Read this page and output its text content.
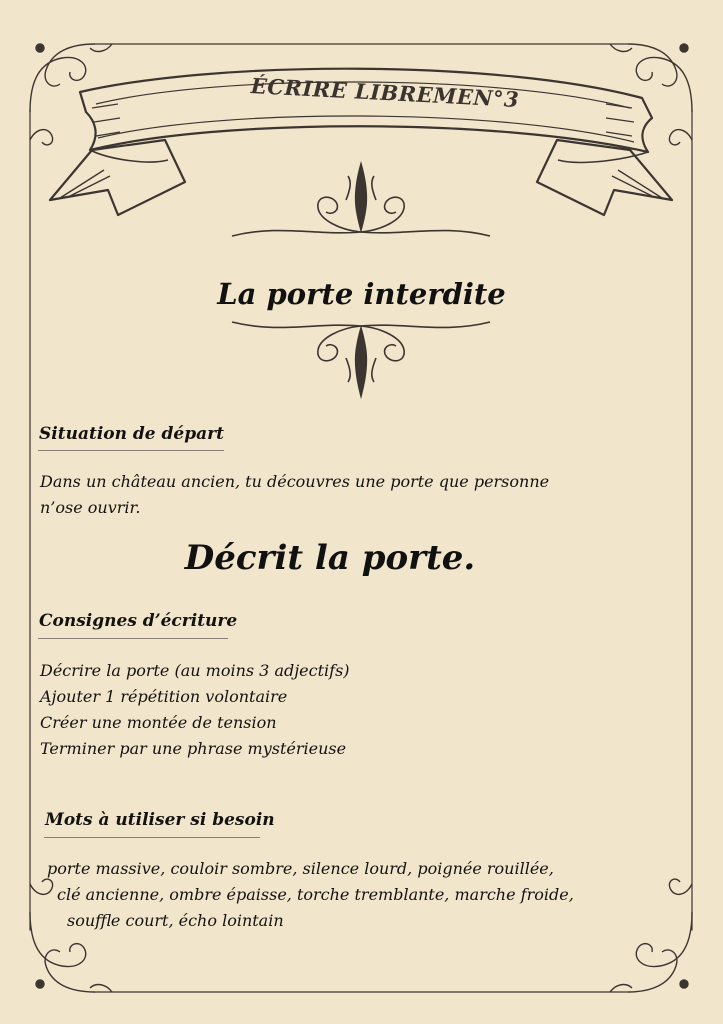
ÉCRIRE LIBREMEN°3
La porte interdite
Situation de départ
Dans un château ancien, tu découvres une porte que personne
n’ose ouvrir.
Décrit la porte.
Consignes d’écriture
Décrire la porte (au moins 3 adjectifs)
Ajouter 1 répétition volontaire
Créer une montée de tension
Terminer par une phrase mystérieuse
Mots à utiliser si besoin
porte massive, couloir sombre, silence lourd, poignée rouillée,
clé ancienne, ombre épaisse, torche tremblante, marche froide,
souffle court, écho lointain
